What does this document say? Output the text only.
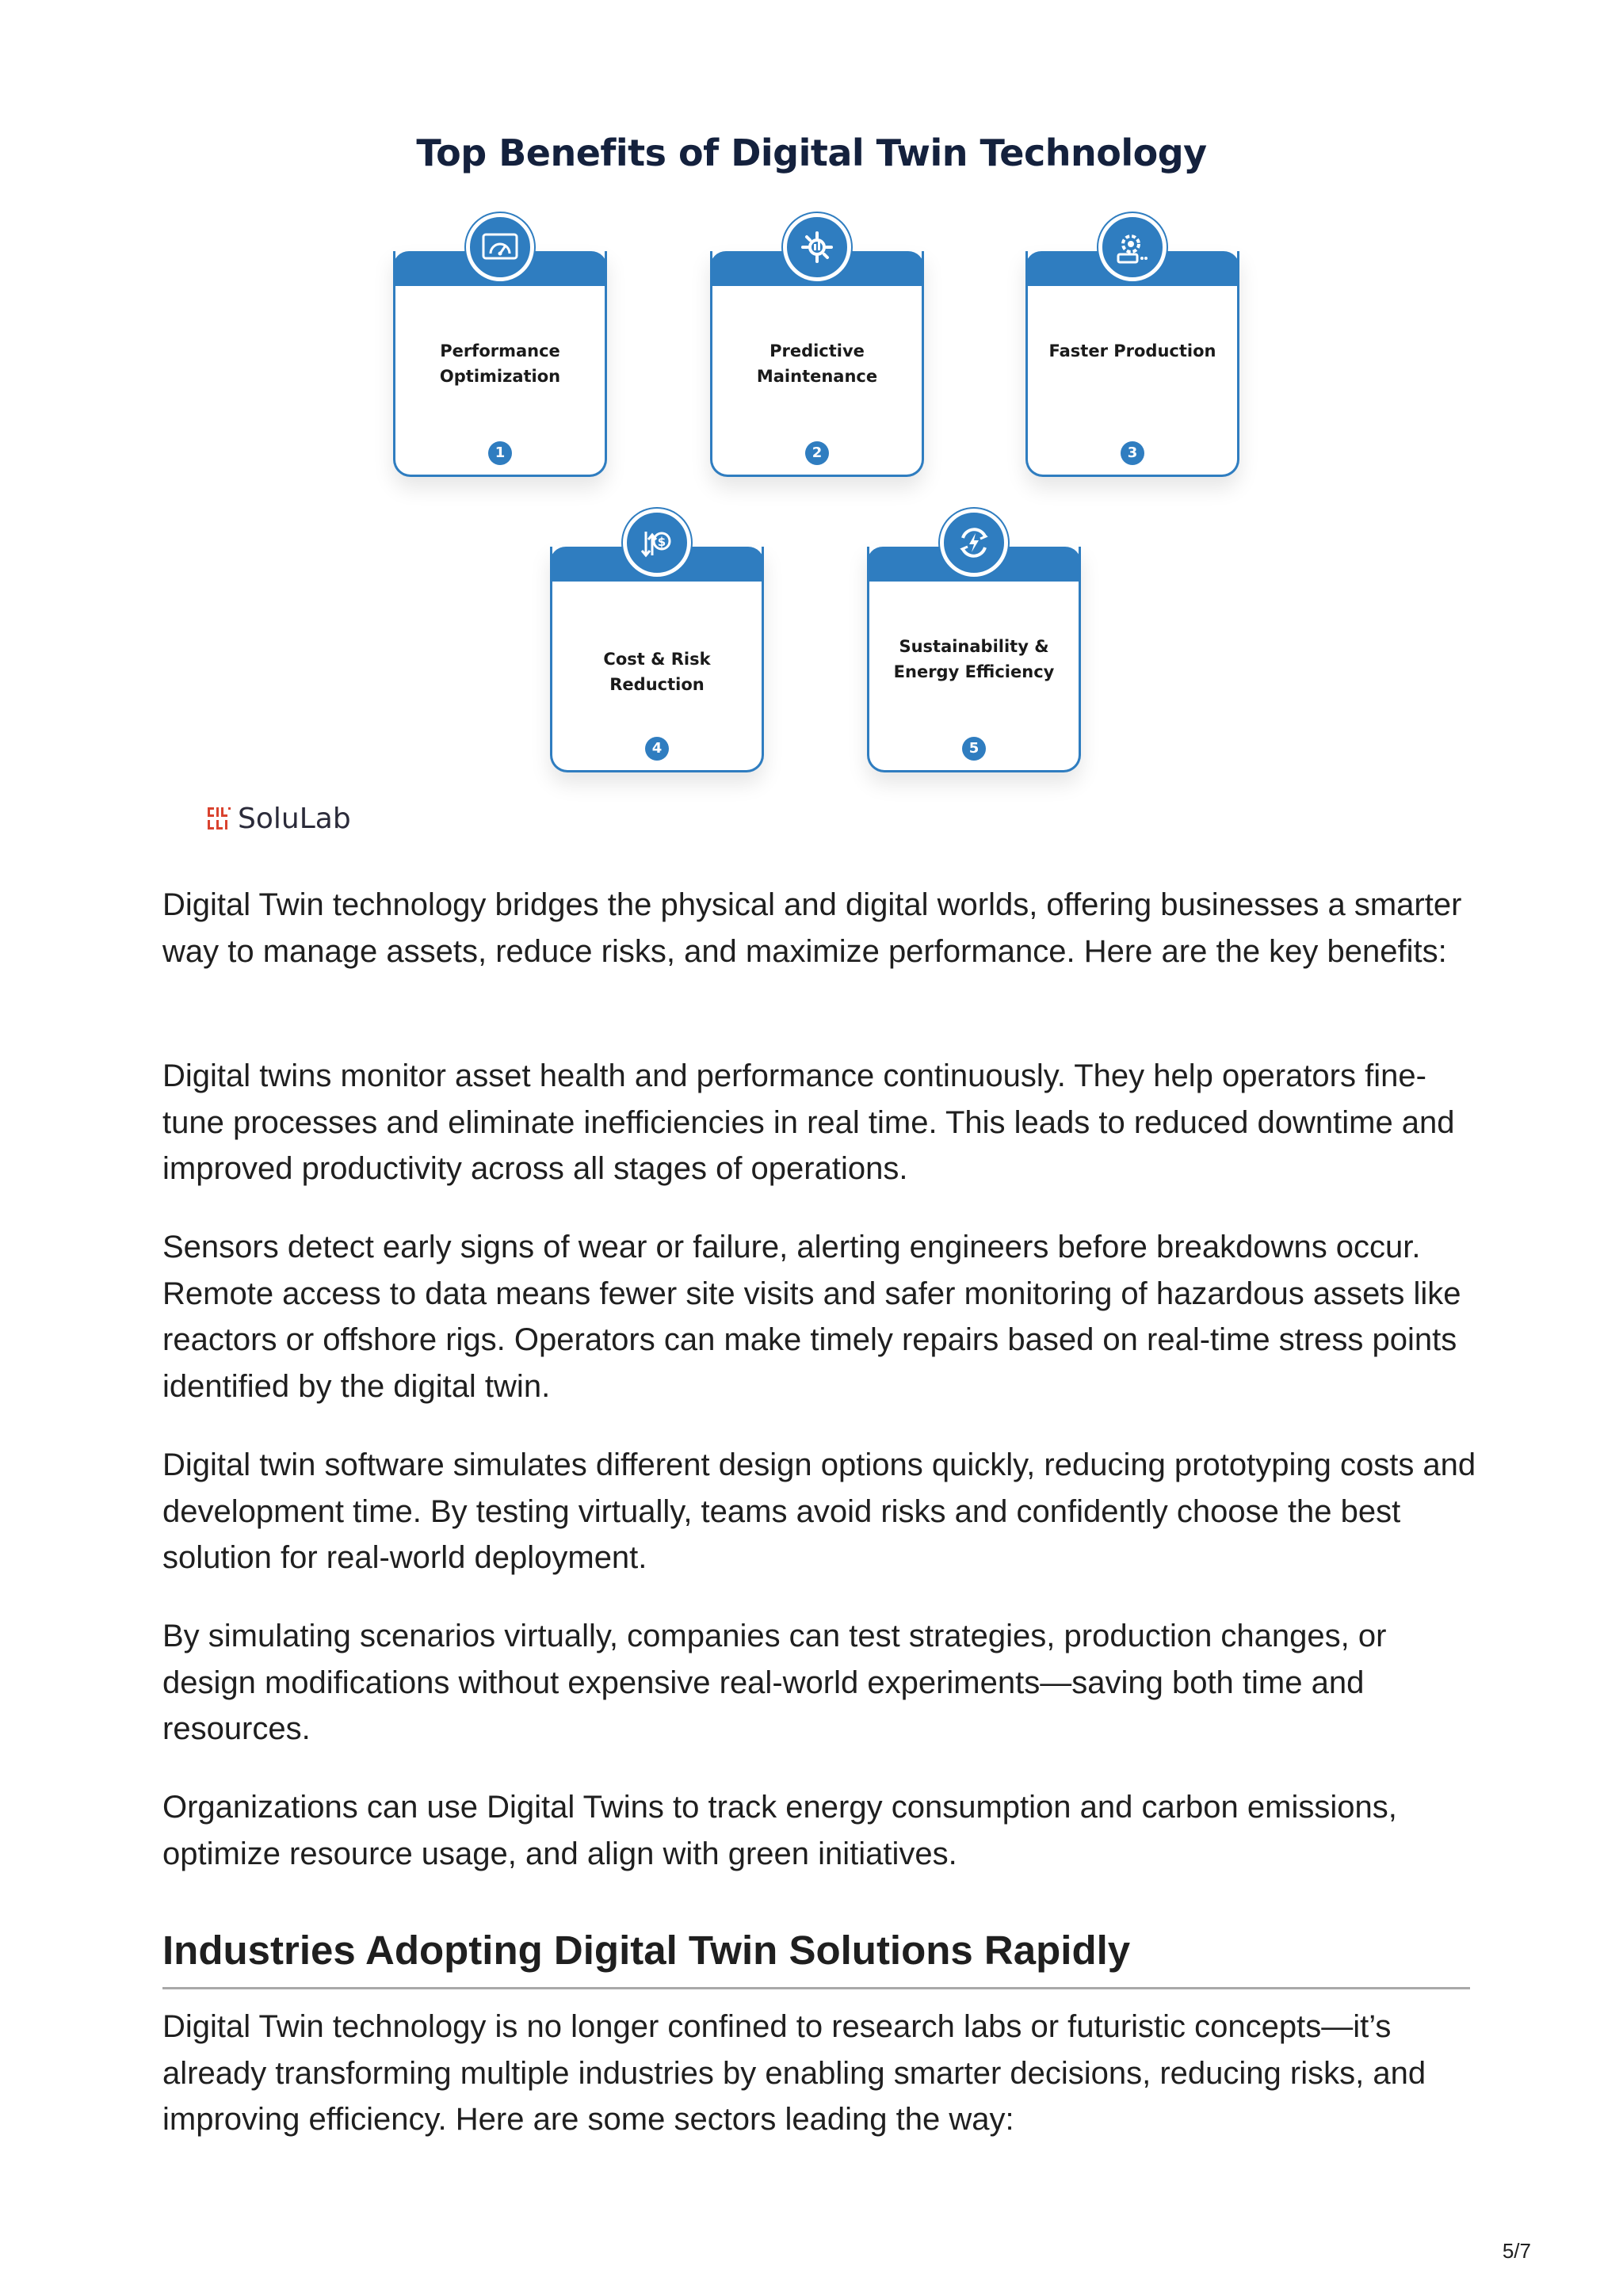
Top Benefits of Digital Twin Technology
Performance Optimization
1
Predictive Maintenance
2
Faster Production
3
$
Cost & Risk Reduction
4
Sustainability & Energy Efficiency
5
SoluLab

Digital Twin technology bridges the physical and digital worlds, offering businesses a smarter way to manage assets, reduce risks, and maximize performance. Here are the key benefits:

Digital twins monitor asset health and performance continuously. They help operators fine-tune processes and eliminate inefficiencies in real time. This leads to reduced downtime and improved productivity across all stages of operations.

Sensors detect early signs of wear or failure, alerting engineers before breakdowns occur. Remote access to data means fewer site visits and safer monitoring of hazardous assets like reactors or offshore rigs. Operators can make timely repairs based on real-time stress points identified by the digital twin.

Digital twin software simulates different design options quickly, reducing prototyping costs and development time. By testing virtually, teams avoid risks and confidently choose the best solution for real-world deployment.

By simulating scenarios virtually, companies can test strategies, production changes, or design modifications without expensive real-world experiments—saving both time and resources.

Organizations can use Digital Twins to track energy consumption and carbon emissions, optimize resource usage, and align with green initiatives.

Industries Adopting Digital Twin Solutions Rapidly

Digital Twin technology is no longer confined to research labs or futuristic concepts—it’s already transforming multiple industries by enabling smarter decisions, reducing risks, and improving efficiency. Here are some sectors leading the way:

5/7
